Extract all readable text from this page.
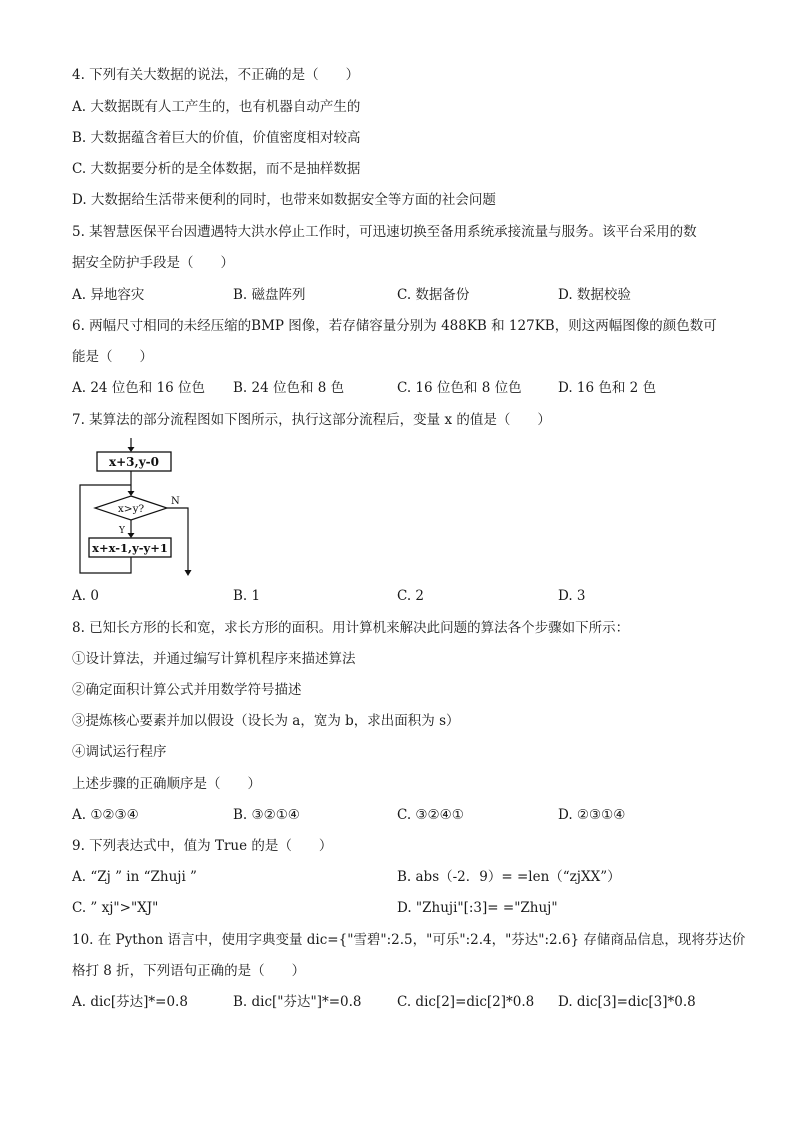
4. 下列有关大数据的说法，不正确的是（　　）
A. 大数据既有人工产生的，也有机器自动产生的
B. 大数据蕴含着巨大的价值，价值密度相对较高
C. 大数据要分析的是全体数据，而不是抽样数据
D. 大数据给生活带来便利的同时，也带来如数据安全等方面的社会问题
5. 某智慧医保平台因遭遇特大洪水停止工作时，可迅速切换至备用系统承接流量与服务。该平台采用的数
据安全防护手段是（　　）
A. 异地容灾	B. 磁盘阵列	C. 数据备份	D. 数据校验
6. 两幅尺寸相同的未经压缩的BMP 图像，若存储容量分别为 488KB 和 127KB，则这两幅图像的颜色数可
能是（　　）
A. 24 位色和 16 位色 B. 24 位色和 8 色	C. 16 位色和 8 位色	D. 16 色和 2 色
7. 某算法的部分流程图如下图所示，执行这部分流程后，变量 x 的值是（　　）
x+3,y-0
x>y?
N
Y
x+x-1,y-y+1
A. 0	B. 1	C. 2	D. 3
8. 已知长方形的长和宽，求长方形的面积。用计算机来解决此问题的算法各个步骤如下所示：
①设计算法，并通过编写计算机程序来描述算法
②确定面积计算公式并用数学符号描述
③提炼核心要素并加以假设（设长为 a，宽为 b，求出面积为 s）
④调试运行程序
上述步骤的正确顺序是（　　）
A. ①②③④	B. ③②①④	C. ③②④①	D. ②③①④
9. 下列表达式中，值为 True 的是（　　）
A. “Zj ” in “Zhuji ”	B. abs（-2．9）= =len（“zjXX”）
C. ” xj">"XJ"	D. "Zhuji"[:3]= ="Zhuj"
10. 在 Python 语言中，使用字典变量 dic={"雪碧":2.5，"可乐":2.4，"芬达":2.6} 存储商品信息，现将芬达价
格打 8 折，下列语句正确的是（　　）
A. dic[芬达]*=0.8	B. dic["芬达"]*=0.8	C. dic[2]=dic[2]*0.8 D. dic[3]=dic[3]*0.8
